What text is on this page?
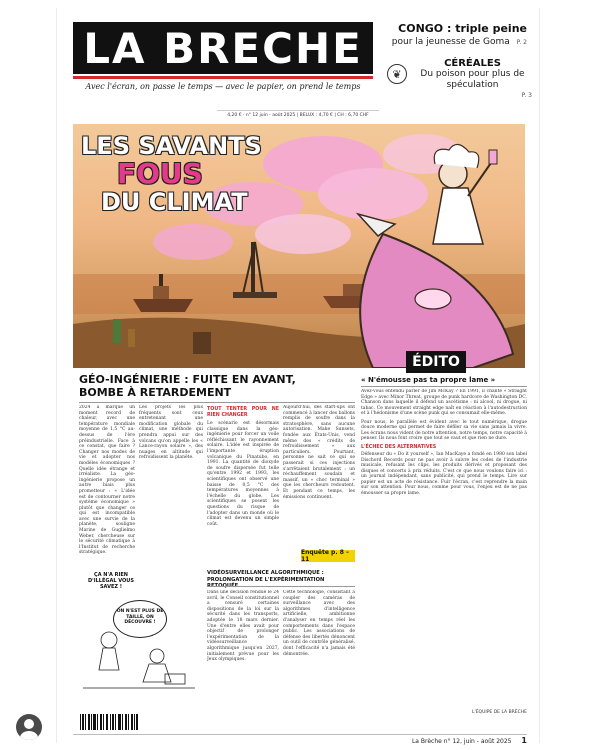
LA BRECHE
Avec l'écran, on passe le temps — avec le papier, on prend le temps
CONGO : triple peine
pour la jeunesse de Goma P. 2
❦
CÉRÉALES
Du poison pour plus de spéculation
P. 3
4,20 € · n° 12 juin - août 2025 | BELUX : 4,70 € | CH : 6,70 CHF
LES SAVANTS
FOUS
DU CLIMAT
ÉDITO
GÉO-INGÉNIERIE : FUITE EN AVANT,
BOMBE À RETARDEMENT
2024 a marqué un moment record de chaleur, avec une température mondiale moyenne de 1,5 °C au-dessus de l'ère préindustrielle. Face à ce constat, que faire ? Changer nos modes de vie et adopter nos modèles économiques ? Quelle idée étrange et irréaliste. La géo-ingénierie propose un autre biais plus prometteur : « L'idée est de contourner notre système économique » plutôt que changer ce qui est incompatible avec une survie de la planète, souligne Marine de Guglielmo Weber, chercheuse sur le sécurité climatique à l'Institut de recherche stratégique.
Les projets les plus fréquents sont ceux entretenant une modification globale du climat, une méthode qui prendra appui sur des volcans qu'on appelle les « Lance-rayon solaire », des nuages en altitude qui refroidissent la planète.
TOUT TENTER POUR NE RIEN CHANGER
Le scénario est désormais classique dans la géo-ingénierie pour forcer un voile réfléchissant le rayonnement solaire. L'idée est inspirée de l'importante éruption volcanique du Pinatubo, en 1991. La quantité de dioxyde de soufre dispersée fut telle qu'entre 1992 et 1993, les scientifiques ont observé une baisse de 0,5 °C des températures moyennes à l'échelle du globe. Les scientifiques se posent les questions du risque de l'adopter dans un monde où le climat est devenu un simple coût.
Aujourd'hui, des start-ups ont commencé à lancer des ballons remplis de soufre dans la stratosphère, sans aucune autorisation. Make Sunsets, fondée aux États-Unis, vend même des « crédits de refroidissement » aux particuliers. Pourtant, personne ne sait ce qui se passerait si ces injections s'arrêtaient brutalement : un réchauffement soudain et massif, un « choc terminal » que les chercheurs redoutent. Et pendant ce temps, les émissions continuent.
Enquête p. 8 – 11
« N'émousse pas ta propre lame »

Avez-vous entendu parler de Jim McKay ? En 1991, il chante « Straight Edge » avec Minor Threat, groupe de punk hardcore de Washington DC. Chanson dans laquelle il défend un ascétisme : ni alcool, ni drogue, ni tabac. Ce mouvement straight edge naît en réaction à l'autodestruction et à l'hédonisme d'une scène punk qui se consumait elle-même.

Pour nous, le parallèle est évident avec le tout numérique, drogue douce moderne qui permet de faire défiler sa vie sans jamais la vivre. Les écrans nous vident de notre attention, notre temps, notre capacité à penser. Ils nous font croire que tout se vaut et que rien ne dure.

L'ÉCHEC DES ALTERNATIVES

Défenseur du « Do it yourself », Ian MacKaye a fondé en 1980 son label Dischord Records pour ne pas avoir à suivre les codes de l'industrie musicale, refusant les clips, les produits dérivés et proposant des disques et concerts à prix réduits. C'est ce que nous voulons faire ici : un journal indépendant, sans publicité, qui prend le temps. Lire sur papier est un acte de résistance. Fuir l'écran, c'est reprendre la main sur son attention. Pour nous, comme pour vous, l'enjeu est de ne pas émousser sa propre lame.

L'ÉQUIPE DE LA BRÈCHE
ÇA N'A RIEN D'ILLÉGAL VOUS SAVEZ !
ON N'EST PLUS DE TAILLE, ON DÉCOUVRE !
VIDÉOSURVEILLANCE ALGORITHMIQUE :
PROLONGATION DE L'EXPÉRIMENTATION
Dans une décision rendue le 24 avril, le Conseil constitutionnel a censuré certaines dispositions de la loi sur la sécurité dans les transports, adoptée le 18 mars dernier. Une d'entre elles avait pour objectif de prolonger l'expérimentation de la vidéosurveillance algorithmique jusqu'en 2027, initialement prévue pour les Jeux olympiques.
Cette technologie, consistant à coupler des caméras de surveillance avec des algorithmes d'intelligence artificielle, ambitionne d'analyser en temps réel les comportements dans l'espace public. Les associations de défense des libertés dénoncent un outil de contrôle généralisé, dont l'efficacité n'a jamais été démontrée.
La Brèche n° 12, juin - août 2025 1
